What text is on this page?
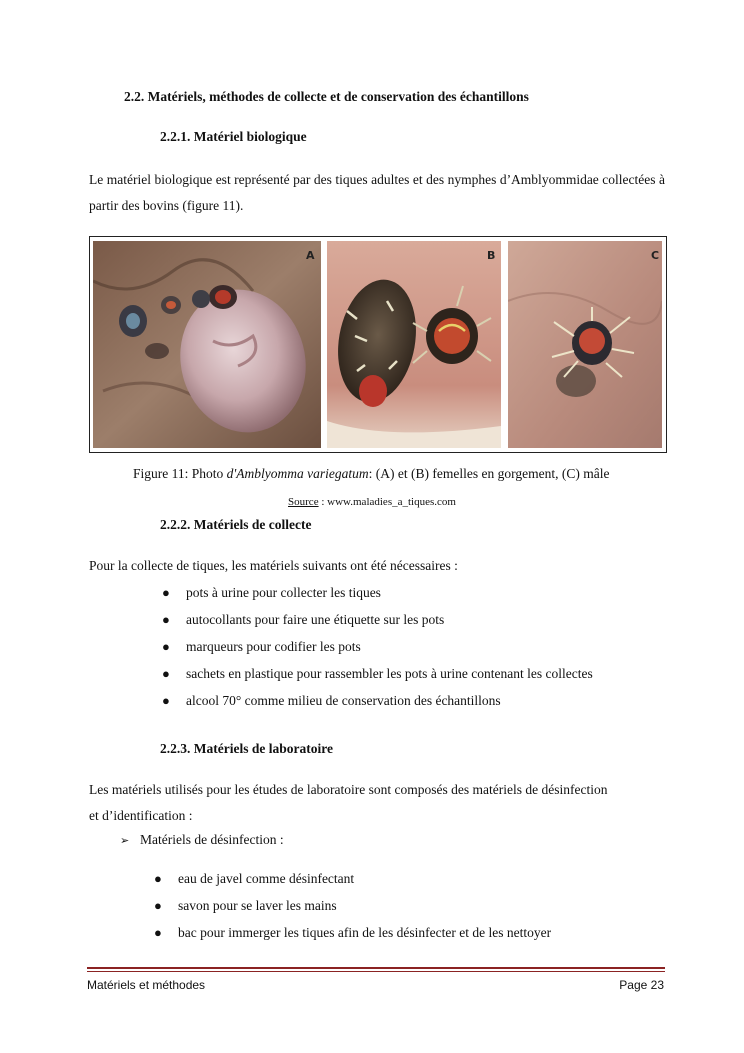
2.2. Matériels, méthodes de collecte et de conservation des échantillons
2.2.1. Matériel biologique
Le matériel biologique est représenté par des tiques adultes et des nymphes d’Amblyommidae collectées à partir des bovins (figure 11).
A	B	C
Figure 11: Photo d'Amblyomma variegatum: (A) et (B) femelles en gorgement, (C) mâle
Source : www.maladies_a_tiques.com
2.2.2. Matériels de collecte
Pour la collecte de tiques, les matériels suivants ont été nécessaires :
● pots à urine pour collecter les tiques
● autocollants pour faire une étiquette sur les pots
● marqueurs pour codifier les pots
● sachets en plastique pour rassembler les pots à urine contenant les collectes
● alcool 70° comme milieu de conservation des échantillons
2.2.3. Matériels de laboratoire
Les matériels utilisés pour les études de laboratoire sont composés des matériels de désinfection et d’identification :
➢ Matériels de désinfection :
● eau de javel comme désinfectant
● savon pour se laver les mains
● bac pour immerger les tiques afin de les désinfecter et de les nettoyer
Matériels et méthodes	Page 23
